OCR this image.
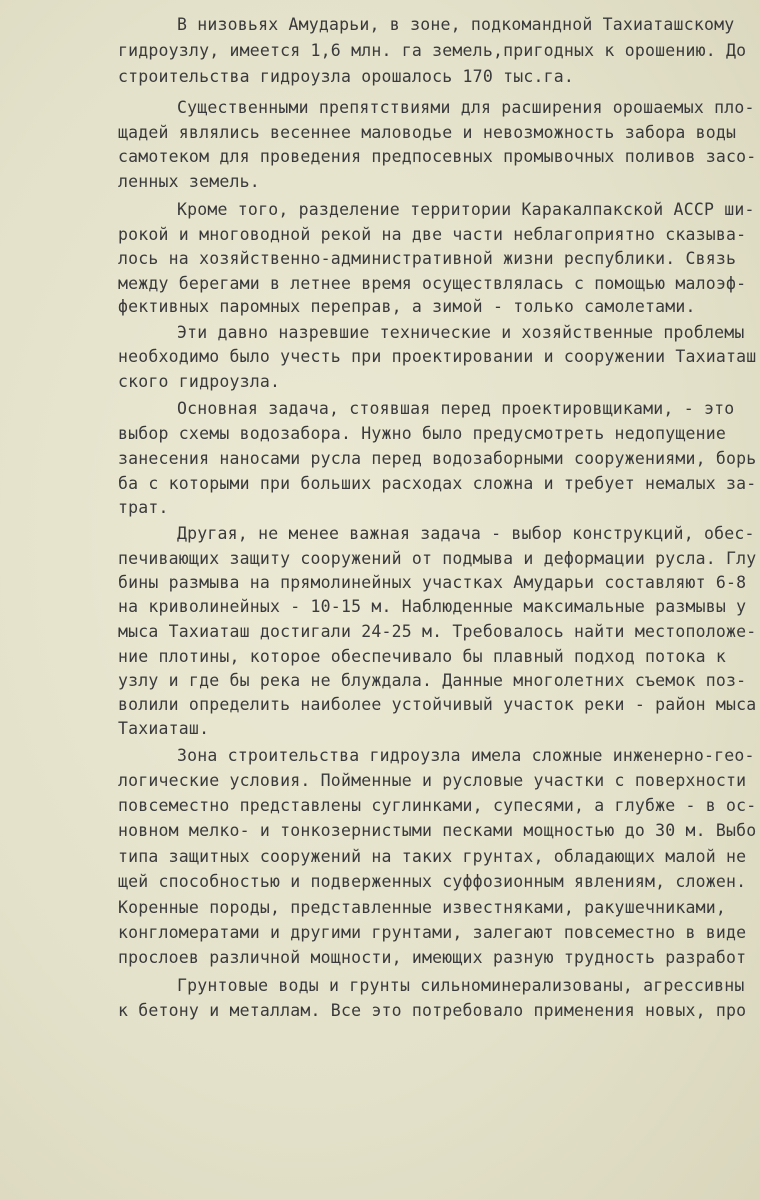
В низовьях Амударьи, в зоне, подкомандной Тахиаташскому
гидроузлу, имеется 1,6 млн. га земель,пригодных к орошению. До
строительства гидроузла орошалось 170 тыс.га.
Существенными препятствиями для расширения орошаемых пло-
щадей являлись весеннее маловодье и невозможность забора воды
самотеком для проведения предпосевных промывочных поливов засо-
ленных земель.
Кроме того, разделение территории Каракалпакской АССР ши-
рокой и многоводной рекой на две части неблагоприятно сказыва-
лось на хозяйственно-административной жизни республики. Связь
между берегами в летнее время осуществлялась с помощью малоэф-
фективных паромных переправ, а зимой - только самолетами.
Эти давно назревшие технические и хозяйственные проблемы
необходимо было учесть при проектировании и сооружении Тахиаташ
ского гидроузла.
Основная задача, стоявшая перед проектировщиками, - это
выбор схемы водозабора. Нужно было предусмотреть недопущение
занесения наносами русла перед водозаборными сооружениями, борь
ба с которыми при больших расходах сложна и требует немалых за-
трат.
Другая, не менее важная задача - выбор конструкций, обес-
печивающих защиту сооружений от подмыва и деформации русла. Глу
бины размыва на прямолинейных участках Амударьи составляют 6-8
на криволинейных - 10-15 м. Наблюденные максимальные размывы у
мыса Тахиаташ достигали 24-25 м. Требовалось найти местоположе-
ние плотины, которое обеспечивало бы плавный подход потока к
узлу и где бы река не блуждала. Данные многолетних съемок поз-
волили определить наиболее устойчивый участок реки - район мыса
Тахиаташ.
Зона строительства гидроузла имела сложные инженерно-гео-
логические условия. Пойменные и русловые участки с поверхности
повсеместно представлены суглинками, супесями, а глубже - в ос-
новном мелко- и тонкозернистыми песками мощностью до 30 м. Выбо
типа защитных сооружений на таких грунтах, обладающих малой не
щей способностью и подверженных суффозионным явлениям, сложен.
Коренные породы, представленные известняками, ракушечниками,
конгломератами и другими грунтами, залегают повсеместно в виде
прослоев различной мощности, имеющих разную трудность разработ
Грунтовые воды и грунты сильноминерализованы, агрессивны
к бетону и металлам. Все это потребовало применения новых, про
